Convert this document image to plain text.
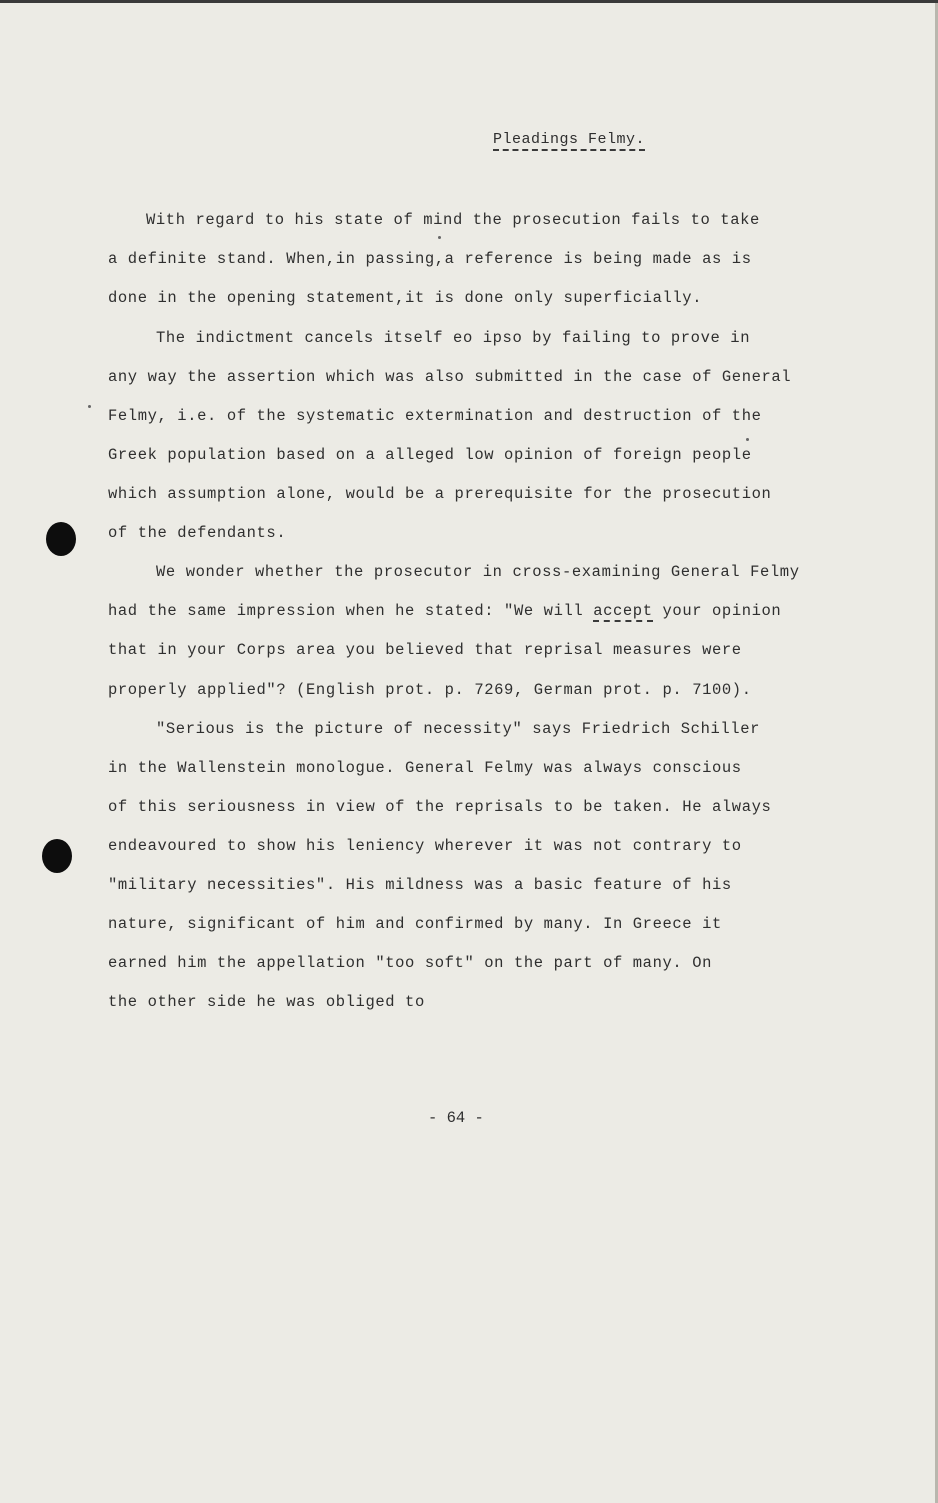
Pleadings Felmy.
With regard to his state of mind the prosecution fails to take
a definite stand. When,in passing,a reference is being made as is
done in the opening statement,it is done only superficially.
The indictment cancels itself eo ipso by failing to prove in
any way the assertion which was also submitted in the case of General
Felmy, i.e. of the systematic extermination and destruction of the
Greek population based on a alleged low opinion of foreign people
which assumption alone, would be a prerequisite for the prosecution
of the defendants.
We wonder whether the prosecutor in cross-examining General Felmy
had the same impression when he stated: "We will accept your opinion
that in your Corps area you believed that reprisal measures were
properly applied"? (English prot. p. 7269, German prot. p. 7100).
"Serious is the picture of necessity" says Friedrich Schiller
in the Wallenstein monologue. General Felmy was always conscious
of this seriousness in view of the reprisals to be taken. He always
endeavoured to show his leniency wherever it was not contrary to
"military necessities". His mildness was a basic feature of his
nature, significant of him and confirmed by many. In Greece it
earned him the appellation "too soft" on the part of many. On
the other side he was obliged to
- 64 -
